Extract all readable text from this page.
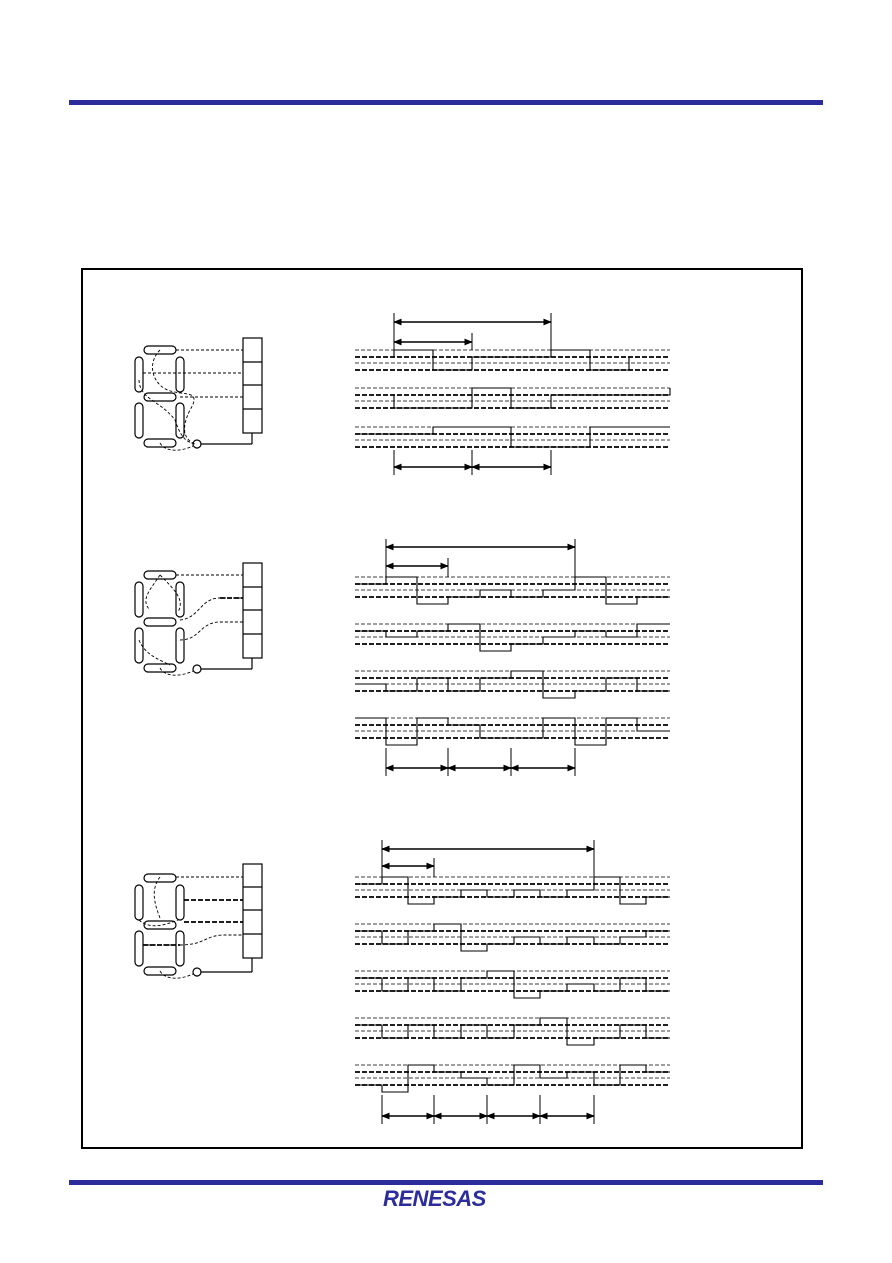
RENESAS
